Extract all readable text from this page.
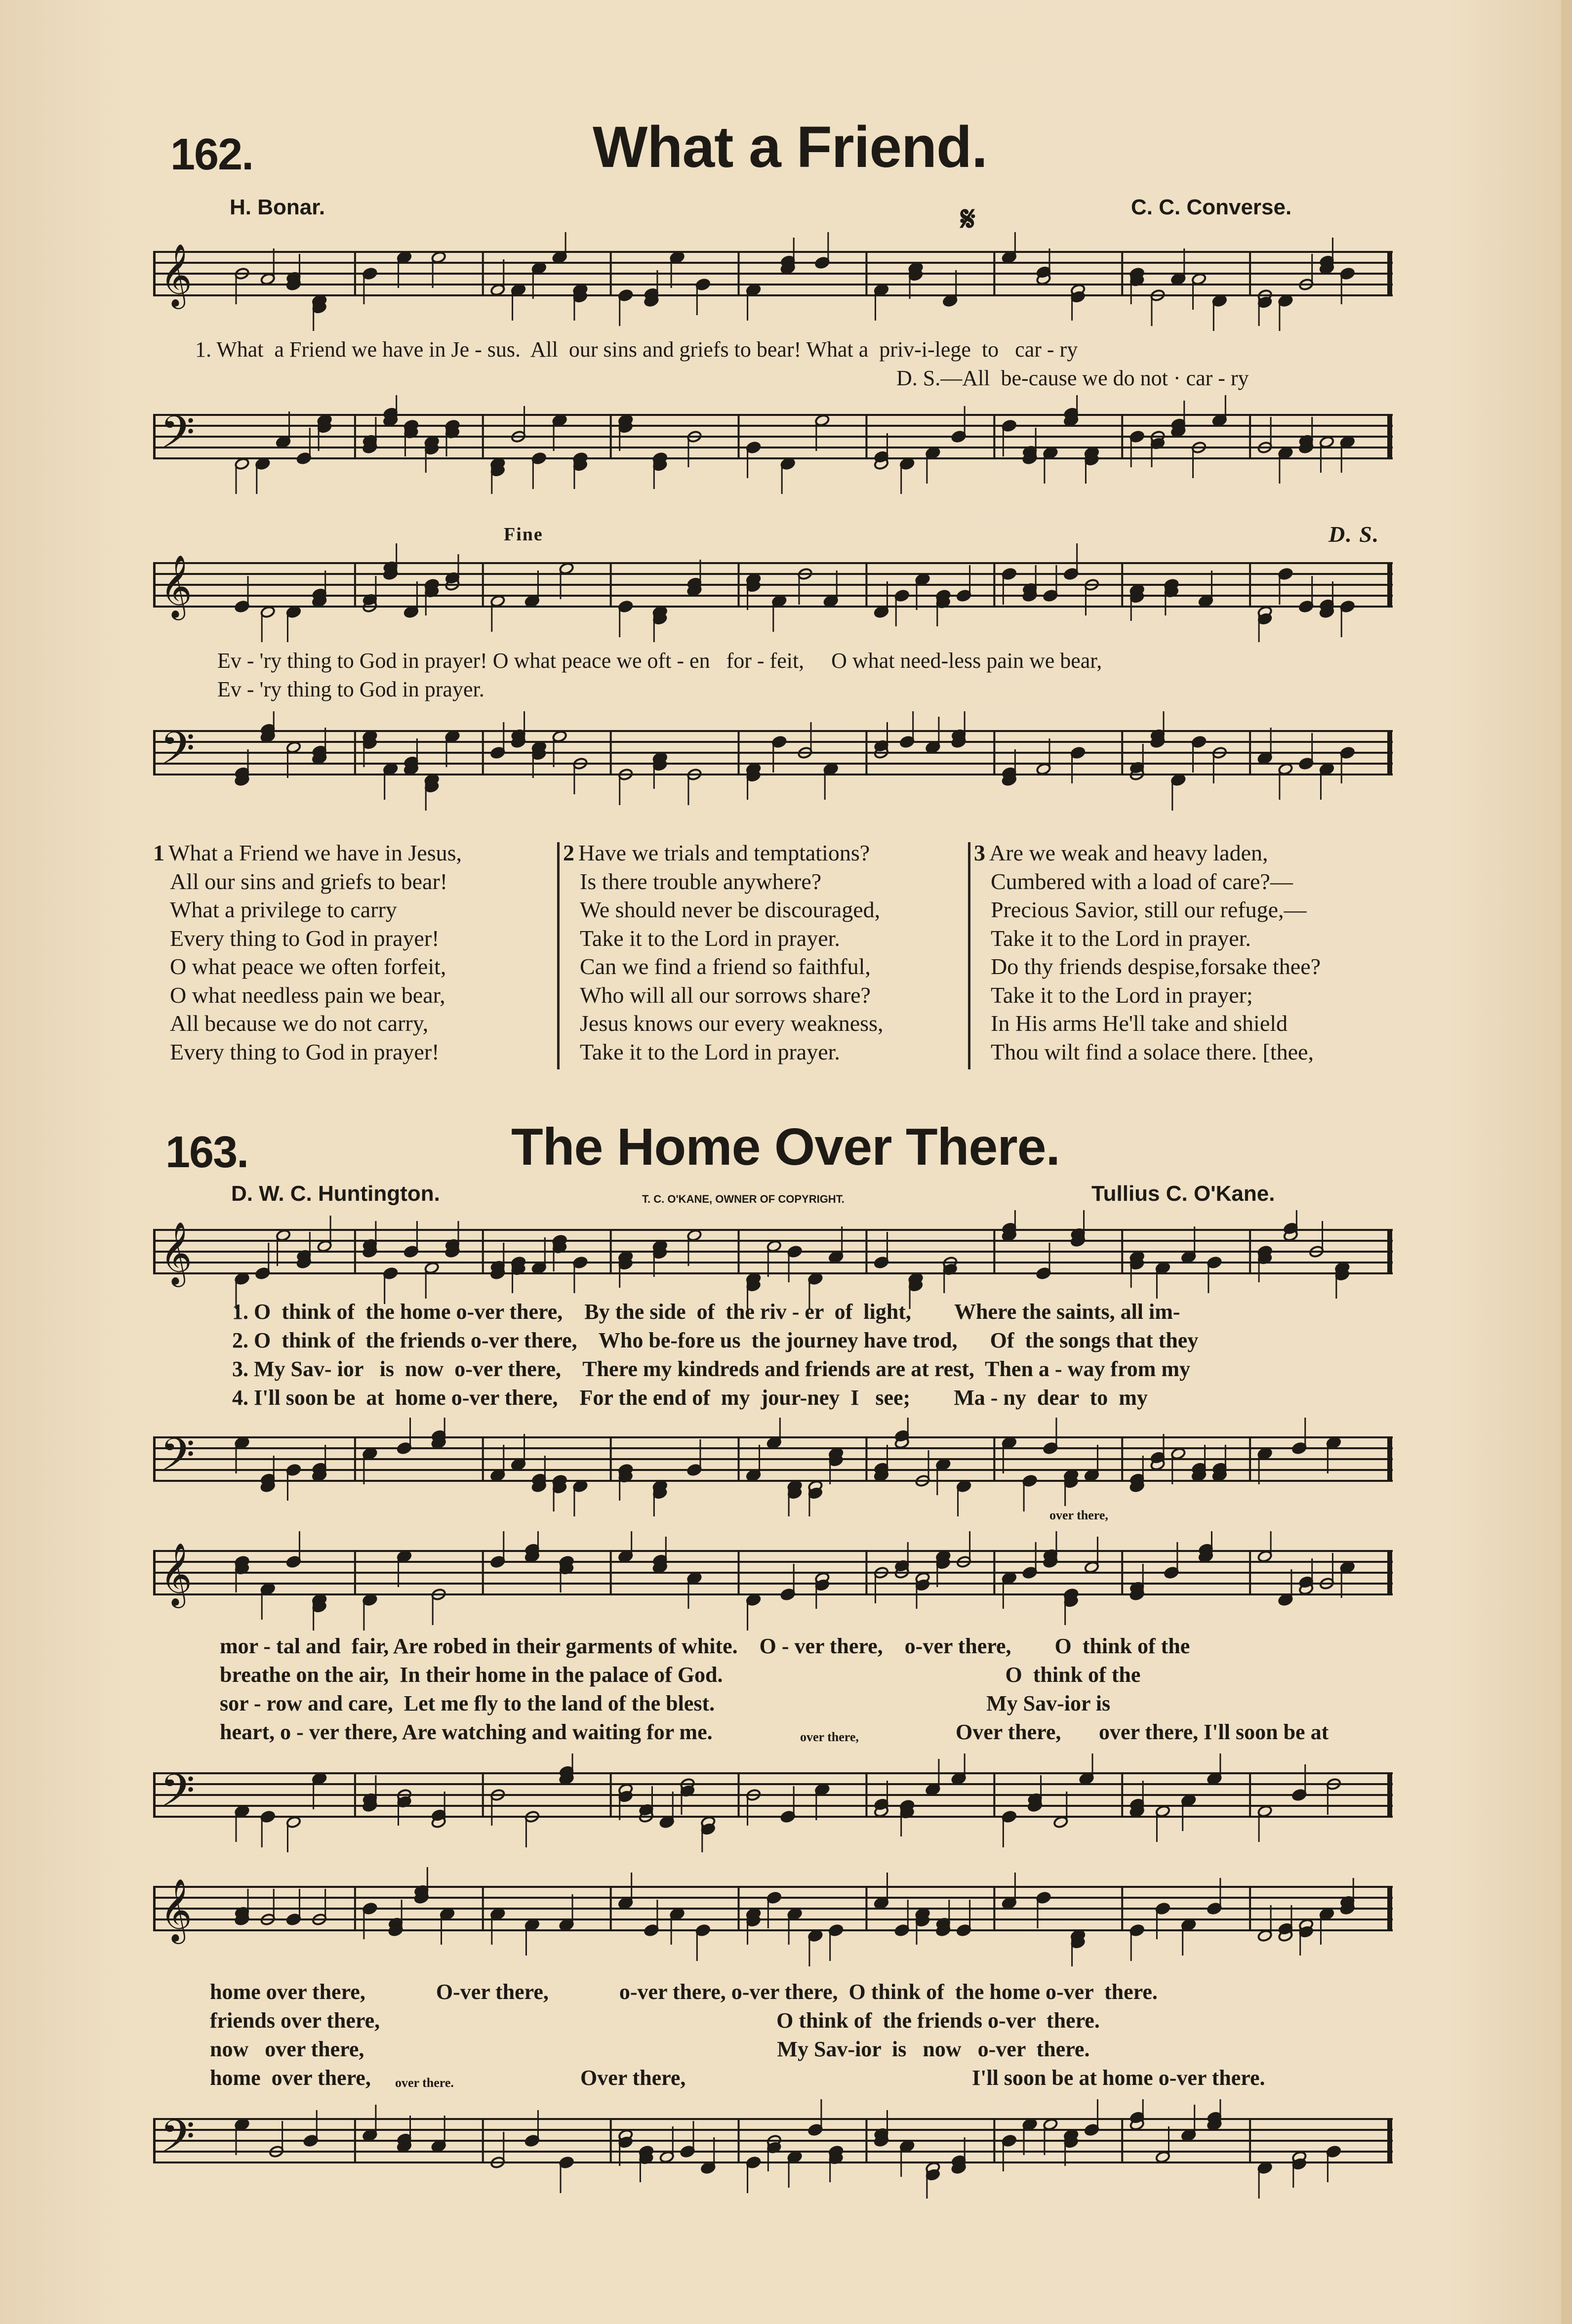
162.	What a Friend.
H. Bonar.	C. C. Converse.
𝄋
𝄞
1. What  a Friend we have in Je - sus.  All  our sins and griefs to bear! What a  priv-i-lege  to   car - ry
D. S.—All  be-cause we do not · car - ry
𝄢
Fine	D. S.
𝄞
Ev - 'ry thing to God in prayer! O what peace we oft - en   for - feit,     O what need-less pain we bear,
Ev - 'ry thing to God in prayer.
𝄢
1 What a Friend we have in Jesus,
All our sins and griefs to bear!
What a privilege to carry
Every thing to God in prayer!
O what peace we often forfeit,
O what needless pain we bear,
All because we do not carry,
Every thing to God in prayer!
2 Have we trials and temptations?
Is there trouble anywhere?
We should never be discouraged,
Take it to the Lord in prayer.
Can we find a friend so faithful,
Who will all our sorrows share?
Jesus knows our every weakness,
Take it to the Lord in prayer.
3 Are we weak and heavy laden,
Cumbered with a load of care?—
Precious Savior, still our refuge,—
Take it to the Lord in prayer.
Do thy friends despise,forsake thee?
Take it to the Lord in prayer;
In His arms He'll take and shield
Thou wilt find a solace there. [thee,
163.	The Home Over There.
D. W. C. Huntington.	T. C. O'KANE, OWNER OF COPYRIGHT.	Tullius C. O'Kane.
𝄞
1. O  think of  the home o-ver there,    By the side  of  the riv - er  of  light,        Where the saints, all im-
2. O  think of  the friends o-ver there,    Who be-fore us  the journey have trod,      Of  the songs that they
3. My Sav- ior   is  now  o-ver there,    There my kindreds and friends are at rest,  Then a - way from my
4. I'll soon be  at  home o-ver there,    For the end of  my  jour-ney  I   see;        Ma - ny  dear  to  my
𝄢
over there,
𝄞
mor - tal and  fair, Are robed in their garments of white.    O - ver there,    o-ver there,        O  think of the
breathe on the air,  In their home in the palace of God.                                                    O  think of the
sor - row and care,  Let me fly to the land of the blest.                                                  My Sav-ior is
heart, o - ver there, Are watching and waiting for me.	over there,	Over there, over there, I'll soon be at
𝄢
𝄞
home over there,             O-ver there,             o-ver there, o-ver there,  O think of  the home o-ver  there.
friends over there,                                                                         O think of  the friends o-ver  there.
now   over there,                                                                            My Sav-ior  is   now   o-ver  there.
home  over there, over there.	Over there,	I'll soon be at home o-ver there.
𝄢
